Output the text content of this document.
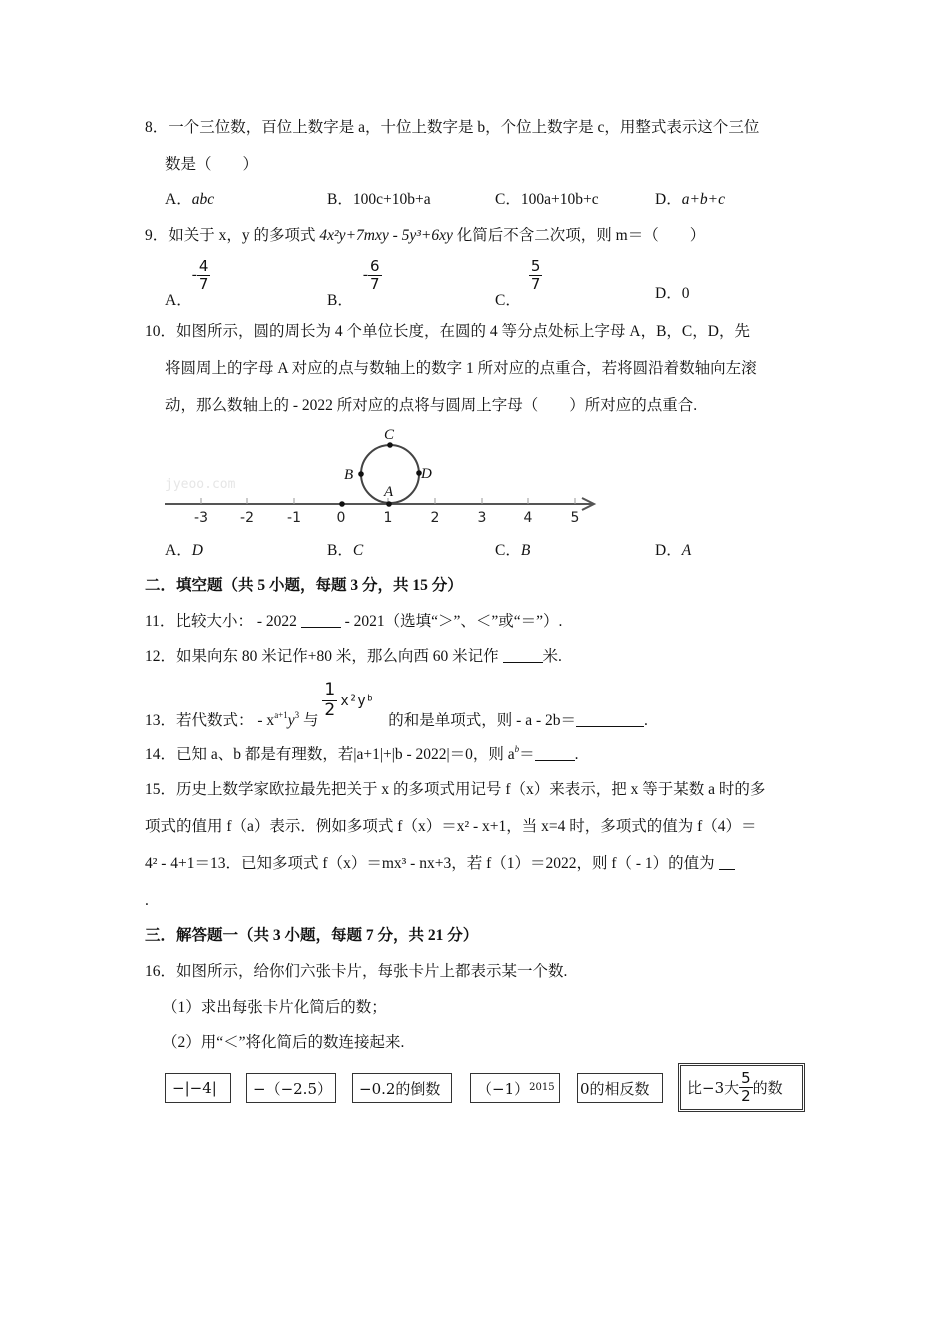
8．一个三位数，百位上数字是 a，十位上数字是 b，个位上数字是 c，用整式表示这个三位
数是（　　）
A．abc	B．100c+10b+a	C．100a+10b+c	D．a+b+c
9．如关于 x，y 的多项式 4x²y+7mxy - 5y³+6xy 化简后不含二次项，则 m＝（　　）
A．- $\frac{4}{7}$
B．- $\frac{6}{7}$
C．
$\frac{5}{7}$
D．0
10．如图所示，圆的周长为 4 个单位长度，在圆的 4 等分点处标上字母 A，B，C，D，先
将圆周上的字母 A 对应的点与数轴上的数字 1 所对应的点重合，若将圆沿着数轴向左滚
动，那么数轴上的 - 2022 所对应的点将与圆周上字母（　　）所对应的点重合.
jyeoo.com
C
B	D
A
-3 -2 -1	0	1	2	3	4	5
A．D	B．C	C．B	D．A
二．填空题（共 5 小题，每题 3 分，共 15 分）
11．比较大小： - 2022	- 2021（选填“＞”、＜”或“＝”）.
12．如果向东 80 米记作+80 米，那么向西 60 米记作	米.
13．若代数式： - $x^{a+1}y^3$ 与
$\frac{1}{2}$ x²yᵇ
的和是单项式，则 - a - 2b＝	.
14．已知 a、b 都是有理数，若|a+1|+|b - 2022|＝0，则 $a^b=$	.
15．历史上数学家欧拉最先把关于 x 的多项式用记号 f（x）来表示，把 x 等于某数 a 时的多
项式的值用 f（a）表示．例如多项式 f（x）＝x² - x+1，当 x=4 时，多项式的值为 f（4）＝
4² - 4+1＝13．已知多项式 f（x）＝mx³ - nx+3，若 f（1）＝2022，则 f（ - 1）的值为
.
三．解答题一（共 3 小题，每题 7 分，共 21 分）
16．如图所示，给你们六张卡片，每张卡片上都表示某一个数.
（1）求出每张卡片化简后的数；
（2）用“＜”将化简后的数连接起来.
−|−4| −（−2.5） −0.2的倒数 （−1） 2015 0的相反数 比−3大 $\frac{5}{2}$ 的数
